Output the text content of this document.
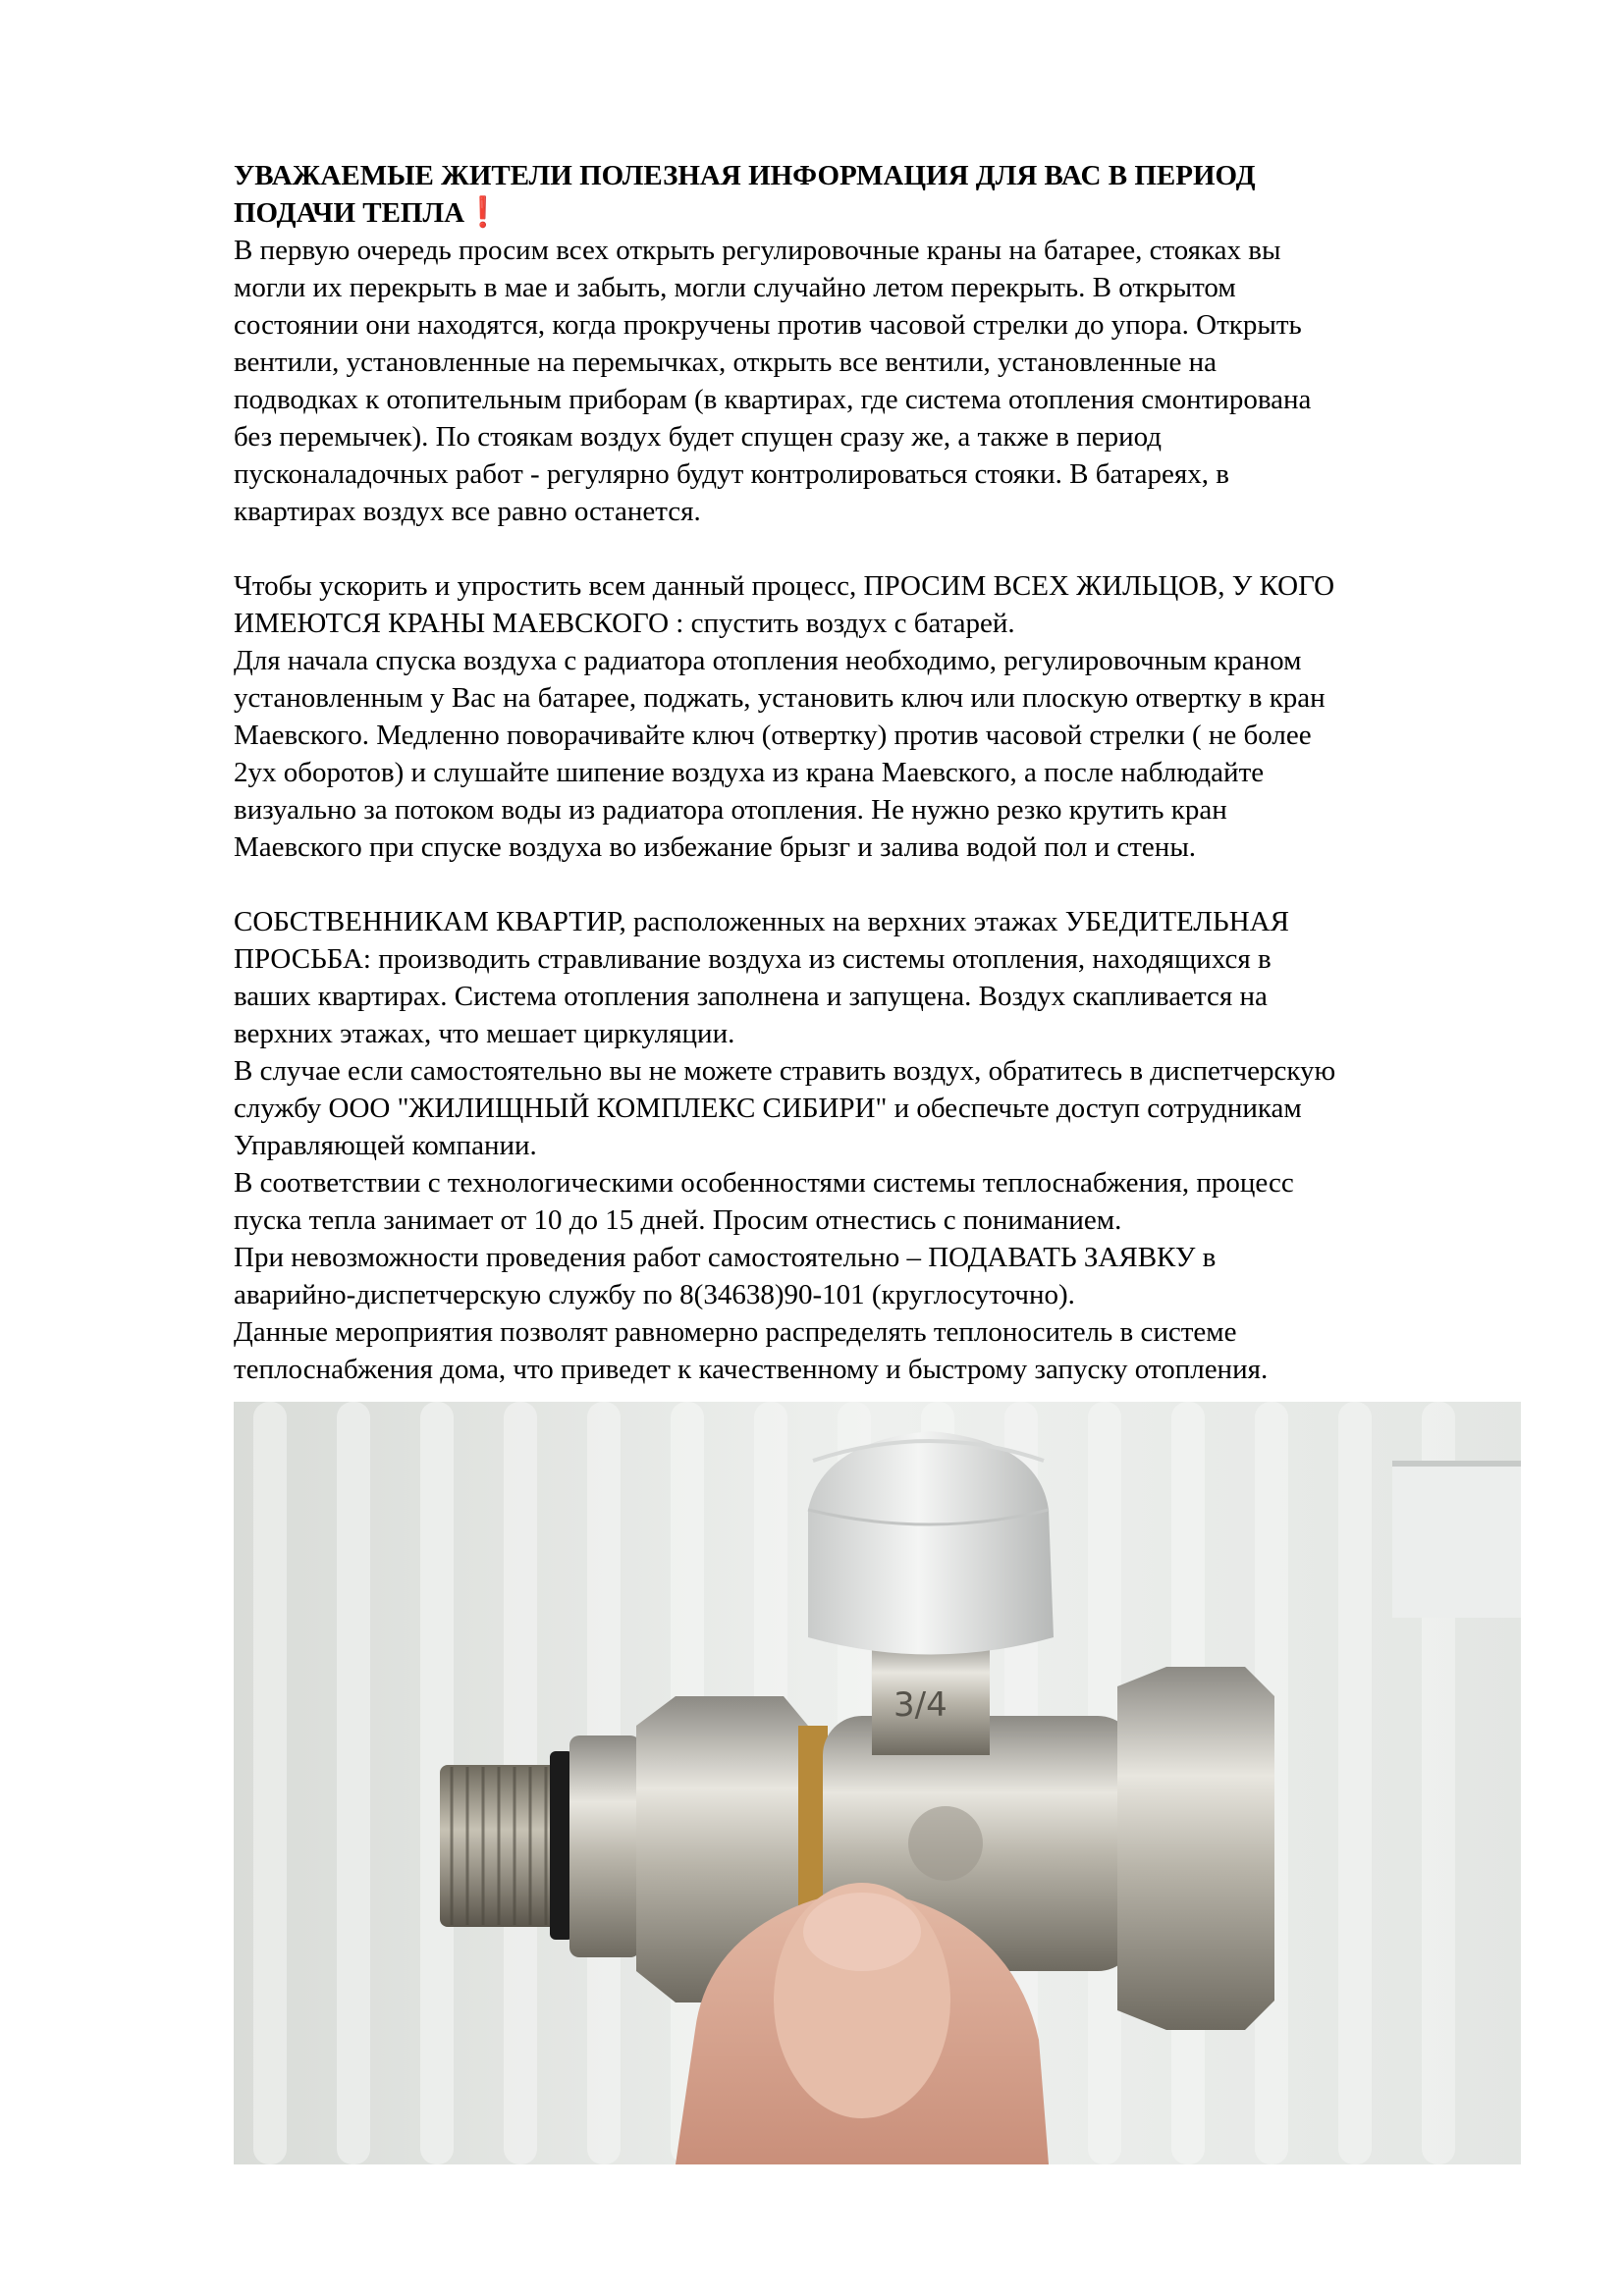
УВАЖАЕМЫЕ ЖИТЕЛИ ПОЛЕЗНАЯ ИНФОРМАЦИЯ ДЛЯ ВАС В ПЕРИОД
ПОДАЧИ ТЕПЛА❗

В первую очередь просим всех открыть регулировочные краны на батарее, стояках вы
могли их перекрыть в мае и забыть, могли случайно летом перекрыть. В открытом
состоянии они находятся, когда прокручены против часовой стрелки до упора. Открыть
вентили, установленные на перемычках, открыть все вентили, установленные на
подводках к отопительным приборам (в квартирах, где система отопления смонтирована
без перемычек). По стоякам воздух будет спущен сразу же, а также в период
пусконаладочных работ - регулярно будут контролироваться стояки. В батареях, в
квартирах воздух все равно останется.
Чтобы ускорить и упростить всем данный процесс, ПРОСИМ ВСЕХ ЖИЛЬЦОВ, У КОГО
ИМЕЮТСЯ КРАНЫ МАЕВСКОГО : спустить воздух с батарей.
Для начала спуска воздуха с радиатора отопления необходимо, регулировочным краном
установленным у Вас на батарее, поджать, установить ключ или плоскую отвертку в кран
Маевского. Медленно поворачивайте ключ (отвертку) против часовой стрелки ( не более
2ух оборотов) и слушайте шипение воздуха из крана Маевского, а после наблюдайте
визуально за потоком воды из радиатора отопления. Не нужно резко крутить кран
Маевского при спуске воздуха во избежание брызг и залива водой пол и стены.
СОБСТВЕННИКАМ КВАРТИР, расположенных на верхних этажах УБЕДИТЕЛЬНАЯ
ПРОСЬБА: производить стравливание воздуха из системы отопления, находящихся в
ваших квартирах. Система отопления заполнена и запущена. Воздух скапливается на
верхних этажах, что мешает циркуляции.
В случае если самостоятельно вы не можете стравить воздух, обратитесь в диспетчерскую
службу ООО "ЖИЛИЩНЫЙ КОМПЛЕКС СИБИРИ" и обеспечьте доступ сотрудникам
Управляющей компании.
В соответствии с технологическими особенностями системы теплоснабжения, процесс
пуска тепла занимает от 10 до 15 дней. Просим отнестись с пониманием.
При невозможности проведения работ самостоятельно – ПОДАВАТЬ ЗАЯВКУ в
аварийно-диспетчерскую службу по 8(34638)90-101 (круглосуточно).
Данные мероприятия позволят равномерно распределять теплоноситель в системе
теплоснабжения дома, что приведет к качественному и быстрому запуску отопления.
3/4
